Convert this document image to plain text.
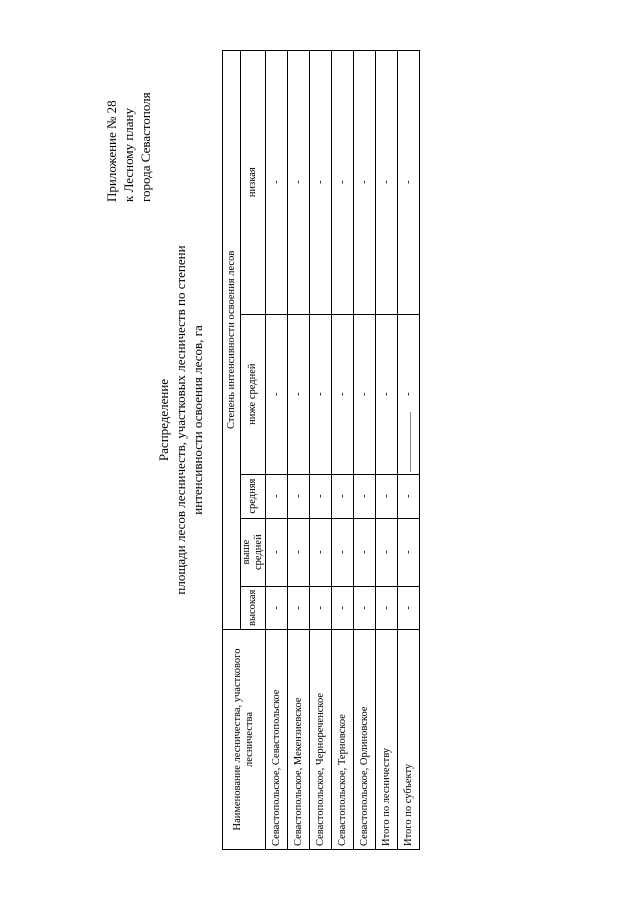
Приложение № 28 к Лесному плану города Севастополя
Распределение площади лесов лесничеств, участковых лесничеств по степени интенсивности освоения лесов, га
Наименование лесничества, участкового лесничества	Степень интенсивности освоения лесов				
	высокая	выше средней	средняя	ниже средней	низкая
Севастопольское, Севастопольское	-	-	-	-	-
Севастопольское, Мекензиевское	-	-	-	-	-
Севастопольское, Чернореченское	-	-	-	-	-
Севастопольское, Терновское	-	-	-	-	-
Севастопольское, Орлиновское	-	-	-	-	-
Итого по лесничеству	-	-	-	-	-
Итого по субъекту	-	-	-	-	-
